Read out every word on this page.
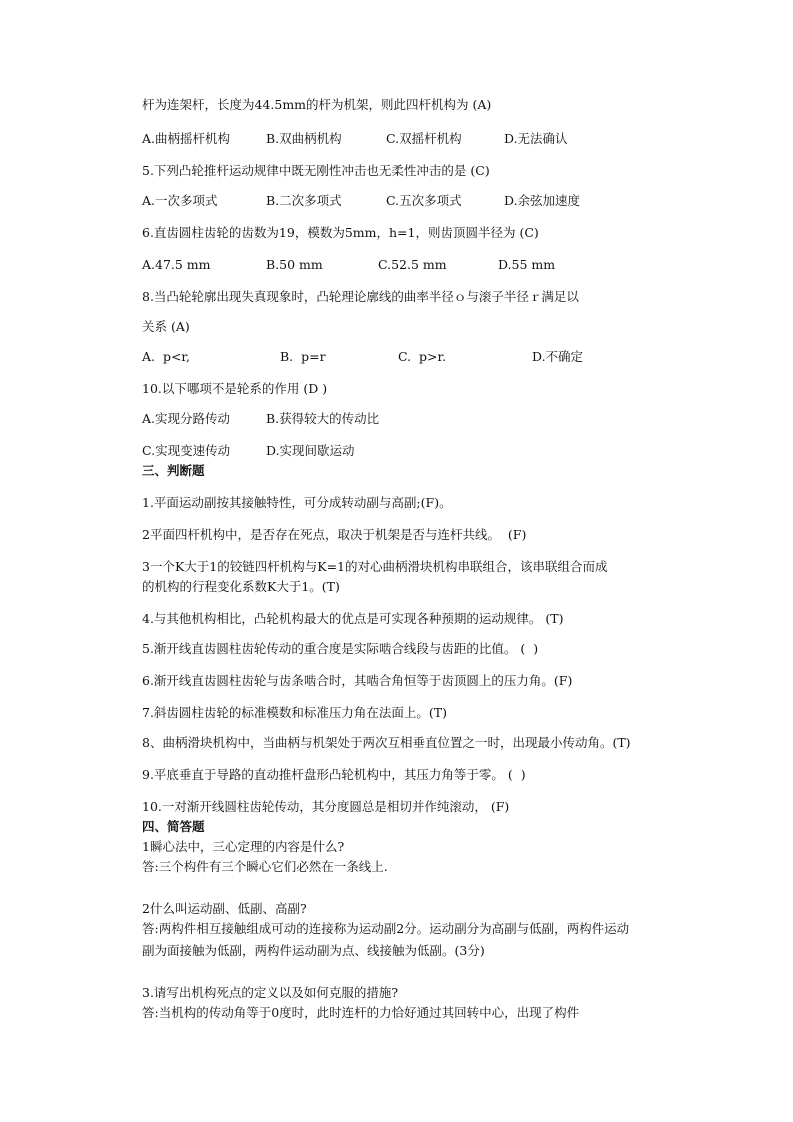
杆为连架杆，长度为44.5mm的杆为机架，则此四杆机构为 (A)

A.曲柄摇杆机构

	B.双曲柄机构

	C.双摇杆机构

	D.无法确认

5.下列凸轮推杆运动规律中既无刚性冲击也无柔性冲击的是 (C)

A.一次多项式

	B.二次多项式

	C.五次多项式

	D.余弦加速度

6.直齿圆柱齿轮的齿数为19，模数为5mm，h=1，则齿顶圆半径为 (C)

A.47.5 mm

	B.50 mm

	C.52.5 mm

	D.55 mm

8.当凸轮轮廓出现失真现象时，凸轮理论廓线的曲率半径ｏ与滚子半径ｒ满足以
关系 (A)

A.  p<r,

	B.  p=r

	C.  p>r.

	D.不确定

10.以下哪项不是轮系的作用 (D )

A.实现分路传动

	B.获得较大的传动比

C.实现变速传动

	D.实现间歇运动

三、判断题
1.平面运动副按其接触特性，可分成转动副与高副;(F)。
2平面四杆机构中，是否存在死点，取决于机架是否与连杆共线。  (F)
3一个K大于1的铰链四杆机构与K=1的对心曲柄滑块机构串联组合，该串联组合而成
的机构的行程变化系数K大于1。(T)
4.与其他机构相比，凸轮机构最大的优点是可实现各种预期的运动规律。 (T)
5.渐开线直齿圆柱齿轮传动的重合度是实际啮合线段与齿距的比值。 (  )
6.渐开线直齿圆柱齿轮与齿条啮合时，其啮合角恒等于齿顶圆上的压力角。(F)
7.斜齿圆柱齿轮的标准模数和标准压力角在法面上。(T)
8、曲柄滑块机构中，当曲柄与机架处于两次互相垂直位置之一时，出现最小传动角。(T)
9.平底垂直于导路的直动推杆盘形凸轮机构中，其压力角等于零。 (  )
10.一对渐开线圆柱齿轮传动，其分度圆总是相切并作纯滚动， (F)
四、简答题
1瞬心法中，三心定理的内容是什么?
答:三个构件有三个瞬心它们必然在一条线上.
2什么叫运动副、低副、高副?
答:两构件相互接触组成可动的连接称为运动副2分。运动副分为高副与低副，两构件运动
副为面接触为低副，两构件运动副为点、线接触为低副。(3分)
3.请写出机构死点的定义以及如何克服的措施?
答:当机构的传动角等于0度时，此时连杆的力恰好通过其回转中心，出现了构件
